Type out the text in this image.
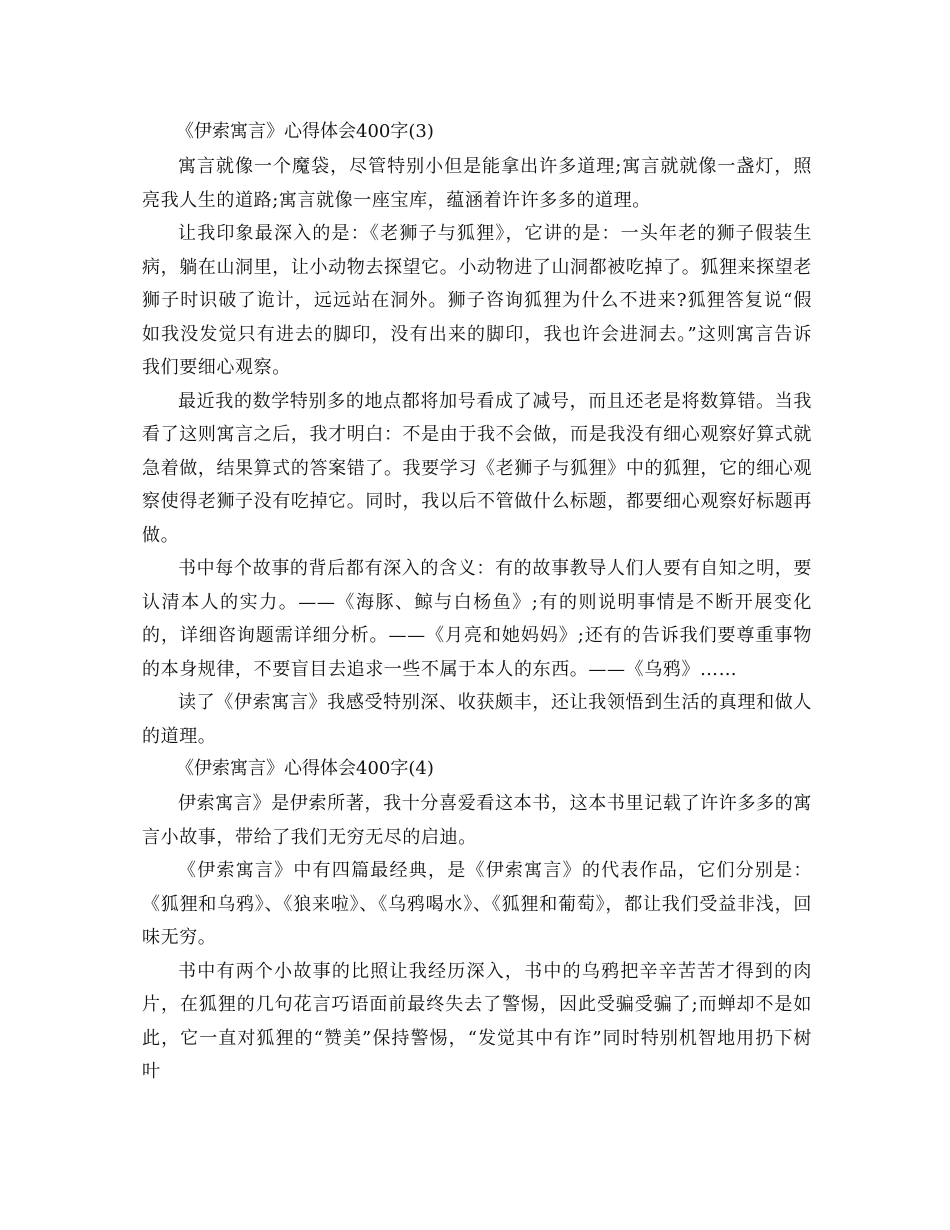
《伊索寓言》心得体会400字(3)

寓言就像一个魔袋，尽管特别小但是能拿出许多道理;寓言就就像一盏灯，照亮我人生的道路;寓言就像一座宝库，蕴涵着许许多多的道理。

让我印象最深入的是：《老狮子与狐狸》，它讲的是：一头年老的狮子假装生病，躺在山洞里，让小动物去探望它。小动物进了山洞都被吃掉了。狐狸来探望老狮子时识破了诡计，远远站在洞外。狮子咨询狐狸为什么不进来?狐狸答复说“假如我没发觉只有进去的脚印，没有出来的脚印，我也许会进洞去。”这则寓言告诉我们要细心观察。

最近我的数学特别多的地点都将加号看成了减号，而且还老是将数算错。当我看了这则寓言之后，我才明白：不是由于我不会做，而是我没有细心观察好算式就急着做，结果算式的答案错了。我要学习《老狮子与狐狸》中的狐狸，它的细心观察使得老狮子没有吃掉它。同时，我以后不管做什么标题，都要细心观察好标题再做。

书中每个故事的背后都有深入的含义：有的故事教导人们人要有自知之明，要认清本人的实力。——《海豚、鲸与白杨鱼》;有的则说明事情是不断开展变化的，详细咨询题需详细分析。——《月亮和她妈妈》;还有的告诉我们要尊重事物的本身规律，不要盲目去追求一些不属于本人的东西。——《乌鸦》……

读了《伊索寓言》我感受特别深、收获颇丰，还让我领悟到生活的真理和做人的道理。

《伊索寓言》心得体会400字(4)

伊索寓言》是伊索所著，我十分喜爱看这本书，这本书里记载了许许多多的寓言小故事，带给了我们无穷无尽的启迪。

《伊索寓言》中有四篇最经典，是《伊索寓言》的代表作品，它们分别是：《狐狸和乌鸦》、《狼来啦》、《乌鸦喝水》、《狐狸和葡萄》，都让我们受益非浅，回味无穷。

书中有两个小故事的比照让我经历深入，书中的乌鸦把辛辛苦苦才得到的肉片，在狐狸的几句花言巧语面前最终失去了警惕，因此受骗受骗了;而蝉却不是如此，它一直对狐狸的“赞美”保持警惕，“发觉其中有诈”同时特别机智地用扔下树叶
